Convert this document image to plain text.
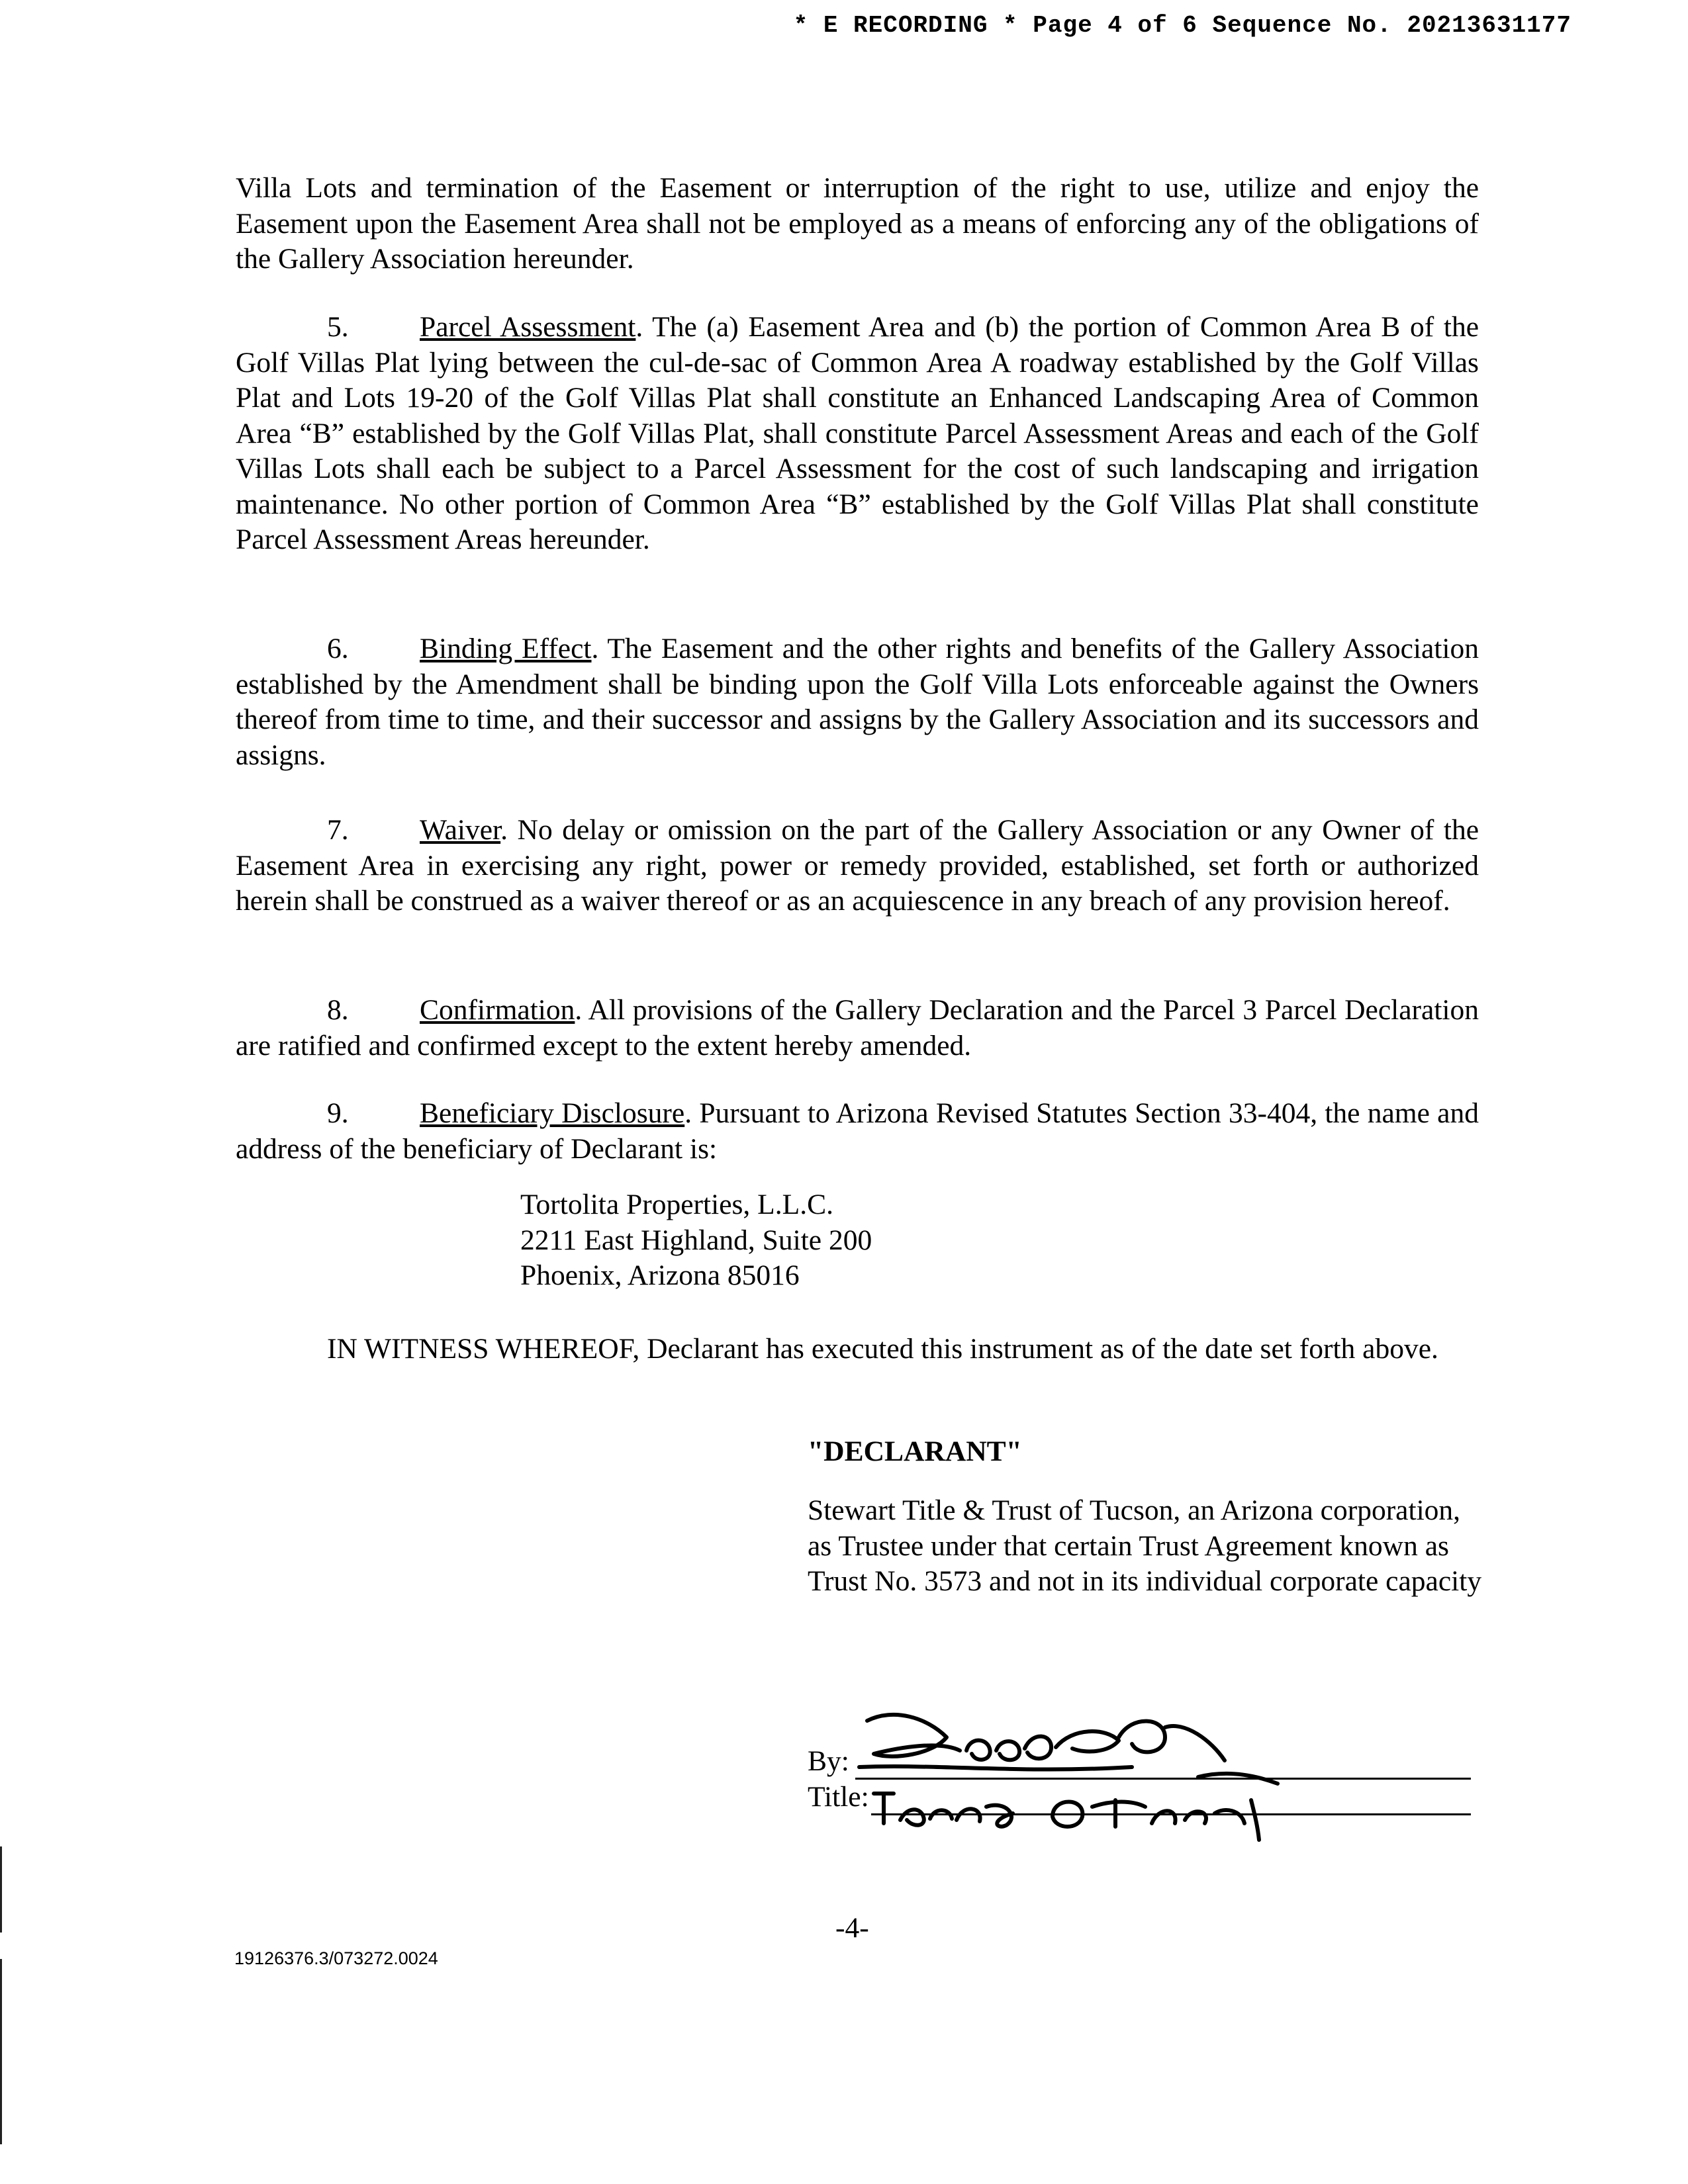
* E RECORDING * Page 4 of 6 Sequence No. 20213631177

Villa Lots and termination of the Easement or interruption of the right to use, utilize and enjoy the Easement upon the Easement Area shall not be employed as a means of enforcing any of the obligations of the Gallery Association hereunder.

5. Parcel Assessment. The (a) Easement Area and (b) the portion of Common Area B of the Golf Villas Plat lying between the cul-de-sac of Common Area A roadway established by the Golf Villas Plat and Lots 19-20 of the Golf Villas Plat shall constitute an Enhanced Landscaping Area of Common Area “B” established by the Golf Villas Plat, shall constitute Parcel Assessment Areas and each of the Golf Villas Lots shall each be subject to a Parcel Assessment for the cost of such landscaping and irrigation maintenance. No other portion of Common Area “B” established by the Golf Villas Plat shall constitute Parcel Assessment Areas hereunder.

6. Binding Effect. The Easement and the other rights and benefits of the Gallery Association established by the Amendment shall be binding upon the Golf Villa Lots enforceable against the Owners thereof from time to time, and their successor and assigns by the Gallery Association and its successors and assigns.

7. Waiver. No delay or omission on the part of the Gallery Association or any Owner of the Easement Area in exercising any right, power or remedy provided, established, set forth or authorized herein shall be construed as a waiver thereof or as an acquiescence in any breach of any provision hereof.

8. Confirmation. All provisions of the Gallery Declaration and the Parcel 3 Parcel Declaration are ratified and confirmed except to the extent hereby amended.

9. Beneficiary Disclosure. Pursuant to Arizona Revised Statutes Section 33-404, the name and address of the beneficiary of Declarant is:

Tortolita Properties, L.L.C.
2211 East Highland, Suite 200
Phoenix, Arizona 85016

IN WITNESS WHEREOF, Declarant has executed this instrument as of the date set forth above.

"DECLARANT"
Stewart Title & Trust of Tucson, an Arizona corporation, as Trustee under that certain Trust Agreement known as Trust No. 3573 and not in its individual corporate capacity
By:
Title:
-4-
19126376.3/073272.0024
